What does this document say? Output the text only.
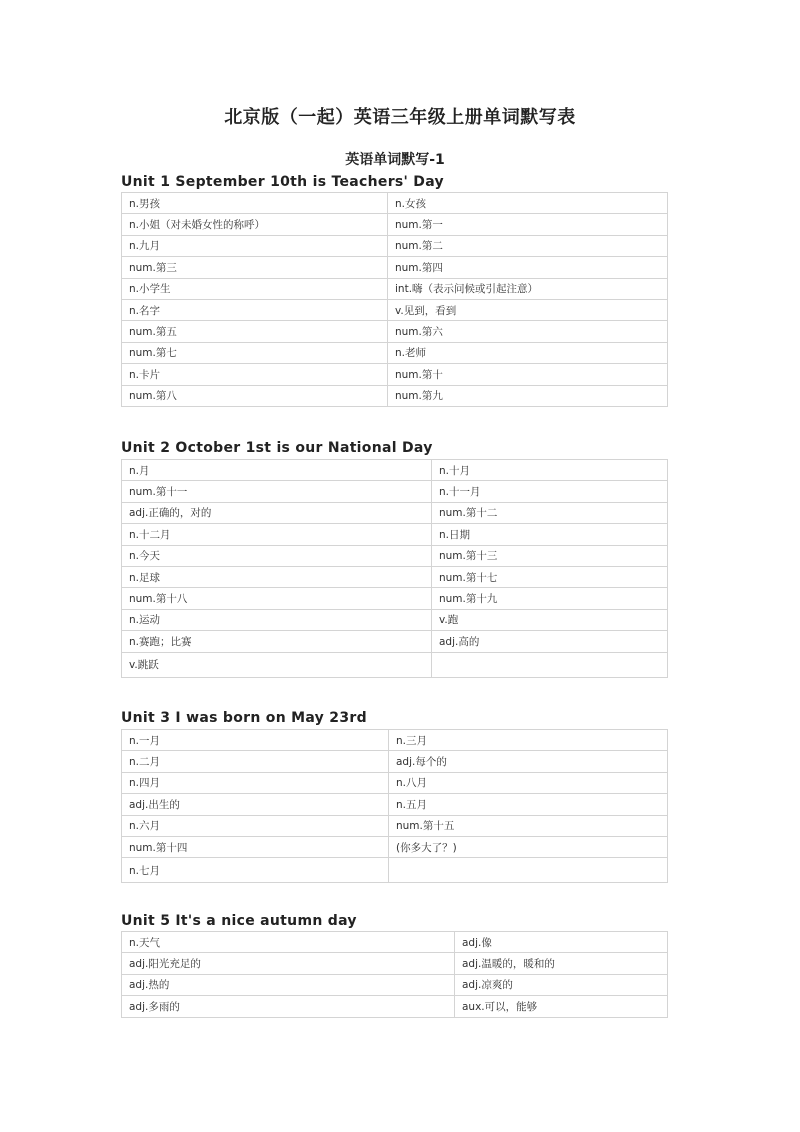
北京版（一起）英语三年级上册单词默写表
英语单词默写-1
Unit 1 September 10th is Teachers' Day
n.男孩	n.女孩
n.小姐（对未婚女性的称呼）	num.第一
n.九月	num.第二
num.第三	num.第四
n.小学生	int.嗨（表示问候或引起注意）
n.名字	v.见到，看到
num.第五	num.第六
num.第七	n.老师
n.卡片	num.第十
num.第八	num.第九
Unit 2 October 1st is our National Day
n.月	n.十月
num.第十一	n.十一月
adj.正确的，对的	num.第十二
n.十二月	n.日期
n.今天	num.第十三
n.足球	num.第十七
num.第十八	num.第十九
n.运动	v.跑
n.赛跑；比赛	adj.高的
v.跳跃	
Unit 3 I was born on May 23rd
n.一月	n.三月
n.二月	adj.每个的
n.四月	n.八月
adj.出生的	n.五月
n.六月	num.第十五
num.第十四	(你多大了？)
n.七月	
Unit 5 It's a nice autumn day
n.天气	adj.像
adj.阳光充足的	adj.温暖的，暖和的
adj.热的	adj.凉爽的
adj.多雨的	aux.可以，能够
